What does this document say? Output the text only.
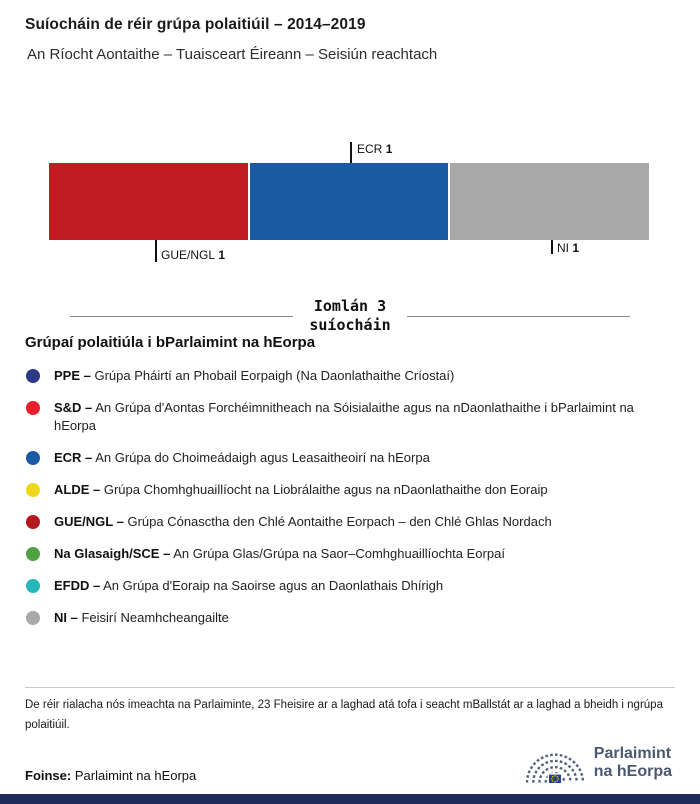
Suíocháin de réir grúpa polaitiúil – 2014–2019
An Ríocht Aontaithe – Tuaisceart Éireann – Seisiún reachtach
ECR 1
GUE/NGL 1	NI 1
Iomlán 3
suíocháin
Grúpaí polaitiúla i bParlaimint na hEorpa
PPE – Grúpa Pháirtí an Phobail Eorpaigh (Na Daonlathaithe Críostaí)
S&D – An Grúpa d'Aontas Forchéimnitheach na Sóisialaithe agus na nDaonlathaithe i bParlaimint na hEorpa
ECR – An Grúpa do Choimeádaigh agus Leasaitheoirí na hEorpa
ALDE – Grúpa Chomhghuaillíocht na Liobrálaithe agus na nDaonlathaithe don Eoraip
GUE/NGL – Grúpa Cónasctha den Chlé Aontaithe Eorpach – den Chlé Ghlas Nordach
Na Glasaigh/SCE – An Grúpa Glas/Grúpa na Saor–Comhghuaillíochta Eorpaí
EFDD – An Grúpa d'Eoraip na Saoirse agus an Daonlathais Dhírigh
NI – Feisirí Neamhcheangailte
De réir rialacha nós imeachta na Parlaiminte, 23 Fheisire ar a laghad atá tofa i seacht mBallstát ar a laghad a bheidh i ngrúpa polaitiúil.
Foinse: Parlaimint na hEorpa
Parlaimint
na hEorpa
